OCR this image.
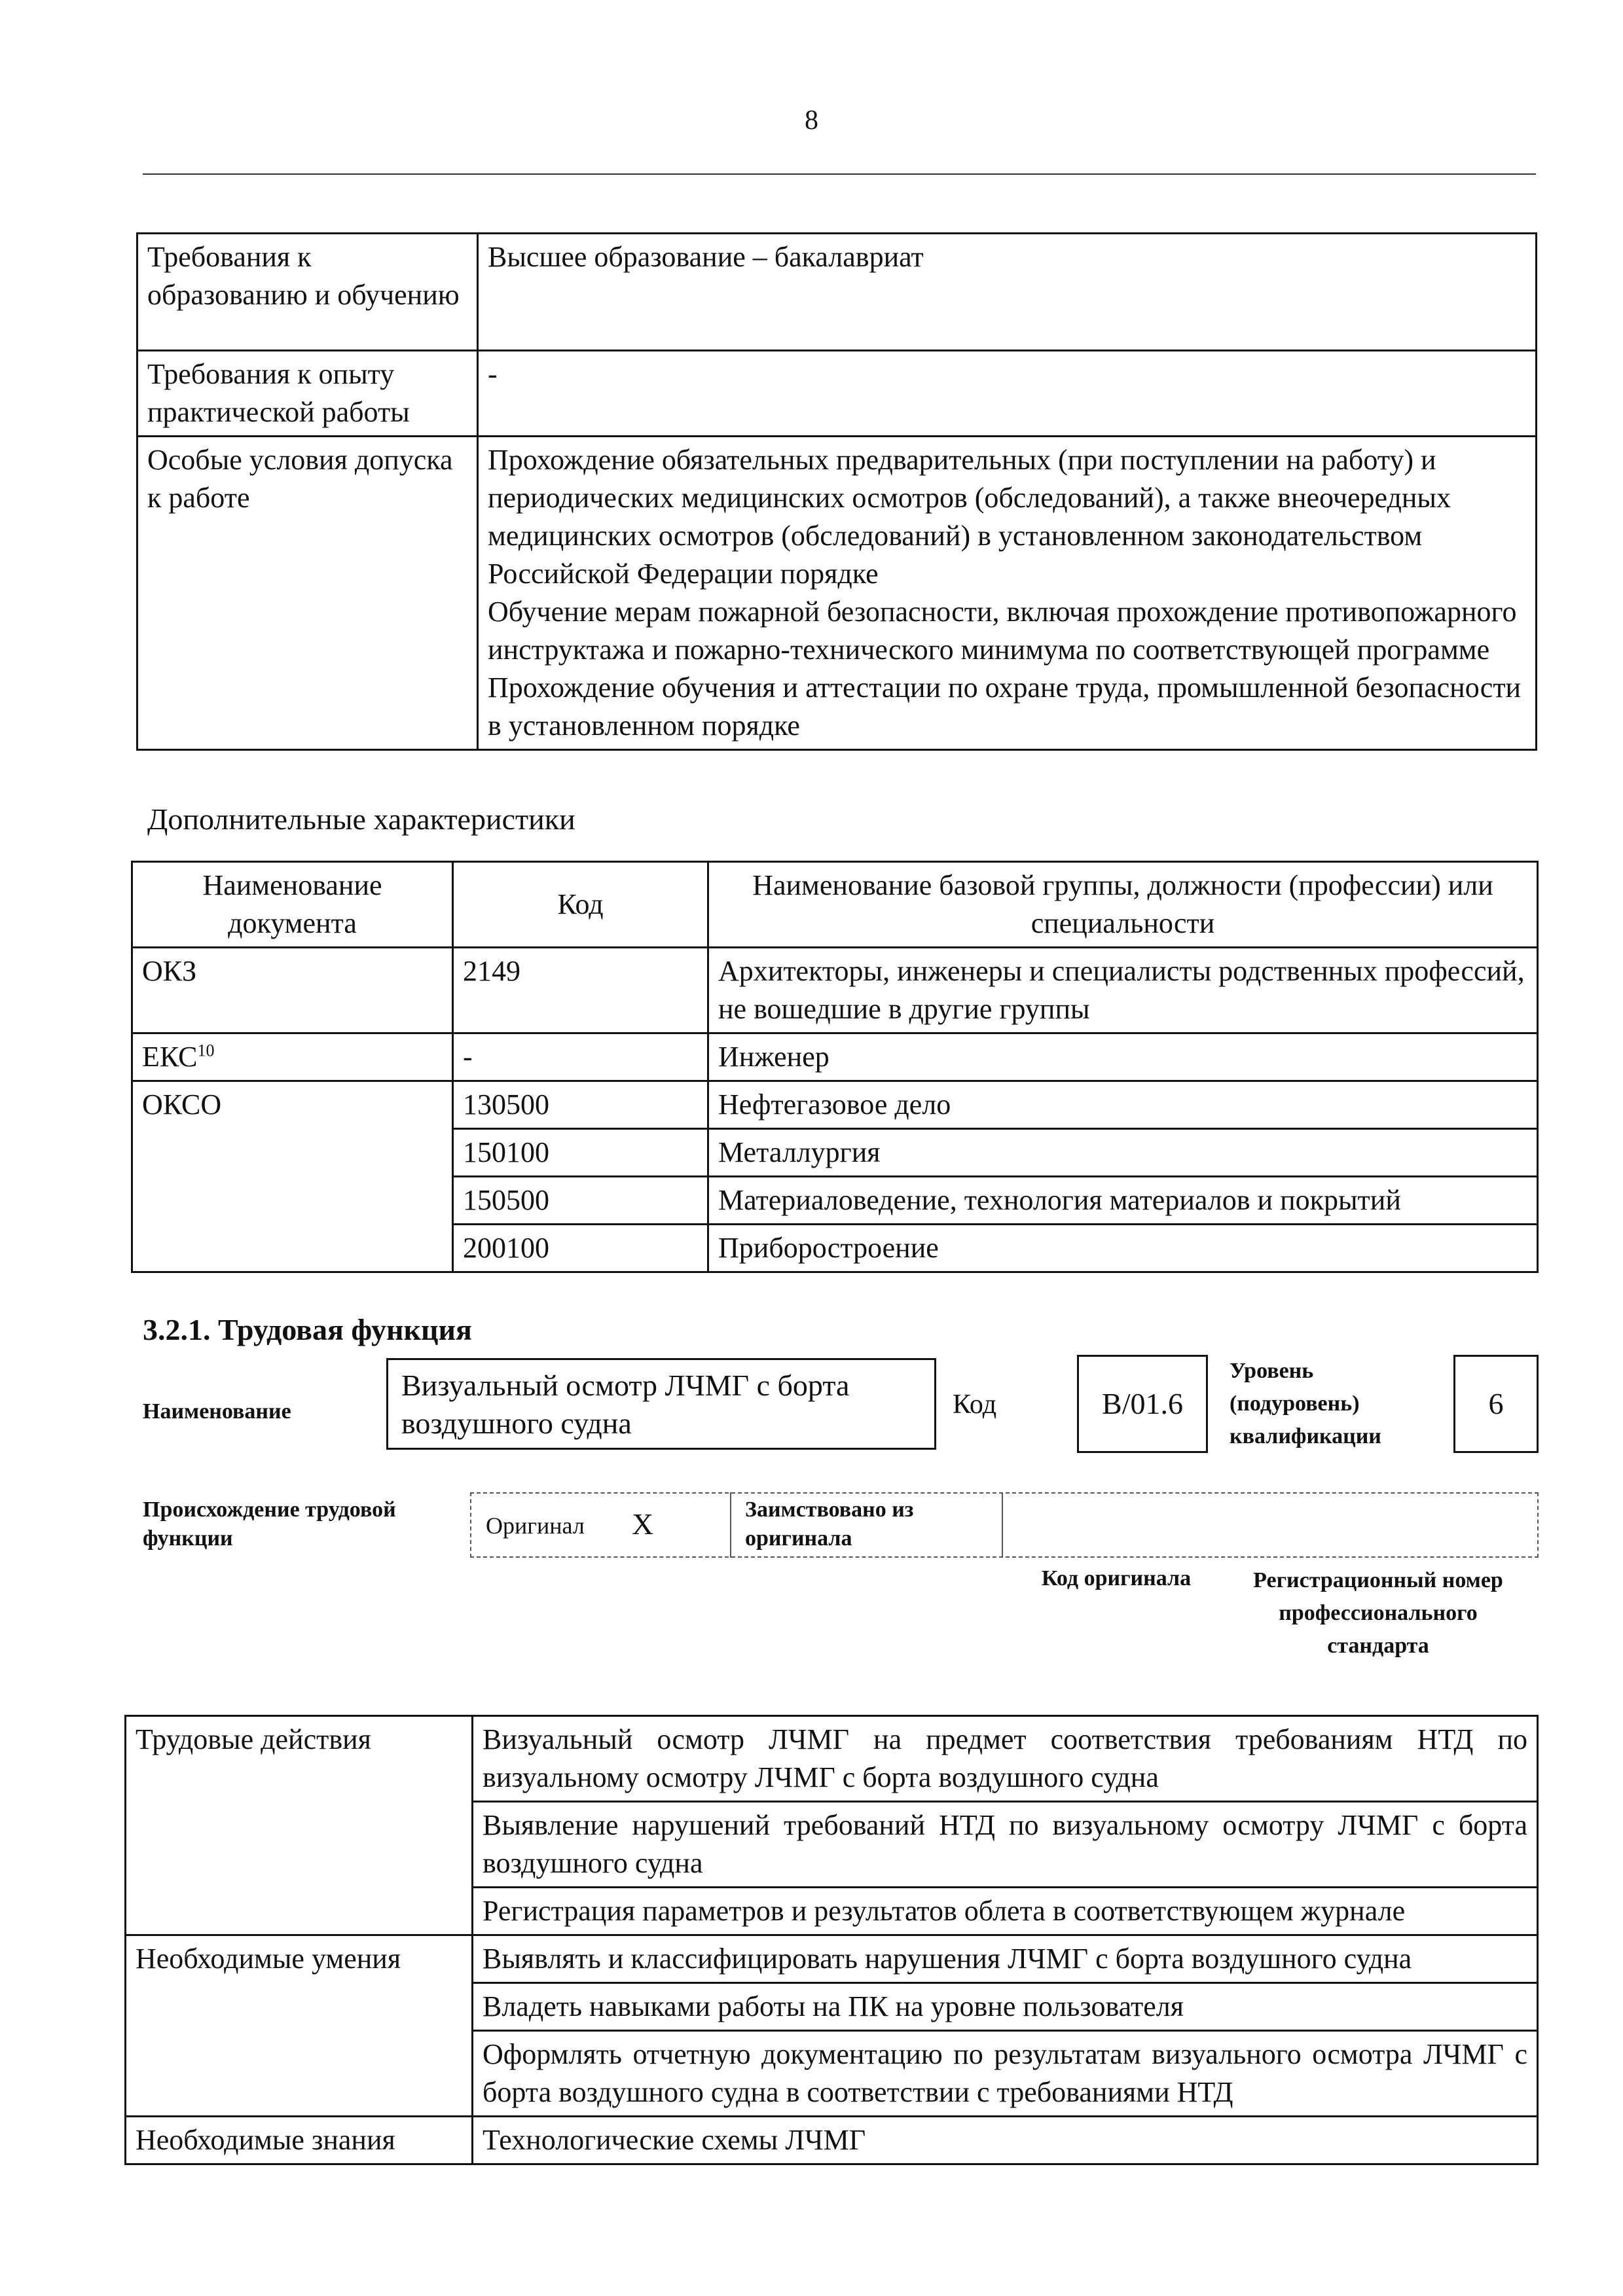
8
Требования к образованию и обучению	Высшее образование – бакалавриат
Требования к опыту практической работы	-
Особые условия допуска к работе	Прохождение обязательных предварительных (при поступлении на работу) и периодических медицинских осмотров (обследований), а также внеочередных медицинских осмотров (обследований) в установленном законодательством Российской Федерации порядке
Обучение мерам пожарной безопасности, включая прохождение противопожарного инструктажа и пожарно-технического минимума по соответствующей программе
Прохождение обучения и аттестации по охране труда, промышленной безопасности в установленном порядке
Дополнительные характеристики
Наименование документа	Код	Наименование базовой группы, должности (профессии) или специальности
ОКЗ	2149	Архитекторы, инженеры и специалисты родственных профессий, не вошедшие в другие группы
ЕКС$^{10}$	-	Инженер
ОКСО	130500	Нефтегазовое дело
	150100	Металлургия
	150500	Материаловедение, технология материалов и покрытий
	200100	Приборостроение
3.2.1. Трудовая функция
Наименование
Визуальный осмотр ЛЧМГ с борта воздушного судна
Код	B/01.6
Уровень (подуровень) квалификации
6
Происхождение трудовой функции	Оригинал X	Заимствовано из оригинала
Код оригинала	Регистрационный номер профессионального стандарта
Трудовые действия	Визуальный осмотр ЛЧМГ на предмет соответствия требованиям НТД по визуальному осмотру ЛЧМГ с борта воздушного судна
	Выявление нарушений требований НТД по визуальному осмотру ЛЧМГ с борта воздушного судна
	Регистрация параметров и результатов облета в соответствующем журнале
Необходимые умения	Выявлять и классифицировать нарушения ЛЧМГ с борта воздушного судна
	Владеть навыками работы на ПК на уровне пользователя
	Оформлять отчетную документацию по результатам визуального осмотра ЛЧМГ с борта воздушного судна в соответствии с требованиями НТД
Необходимые знания	Технологические схемы ЛЧМГ
